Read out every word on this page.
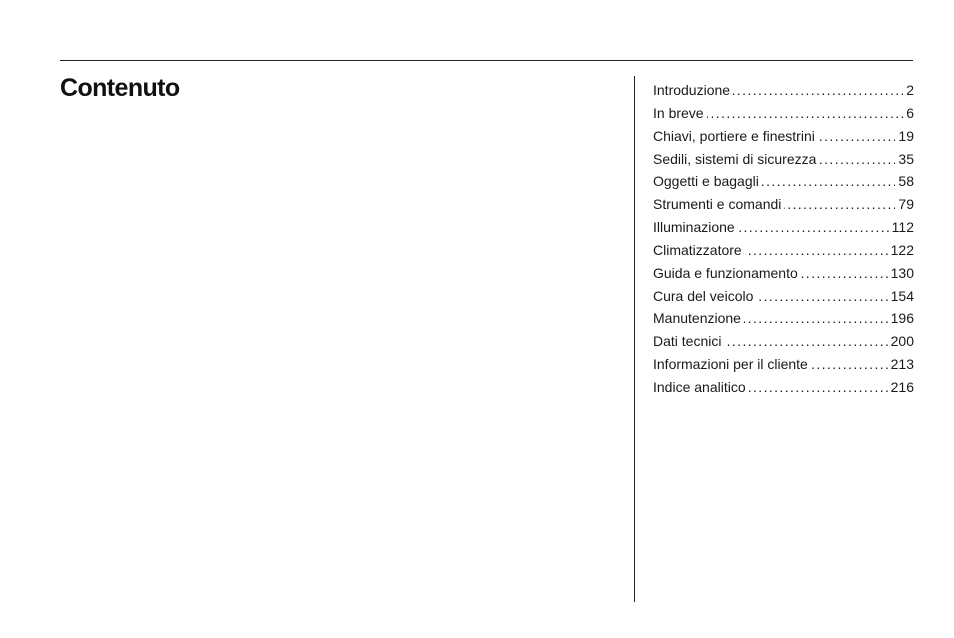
Contenuto	Introduzione . . .	2
In breve . . .	6
Chiavi, portiere e finestrini . . .	19
Sedili, sistemi di sicurezza . . .	35
Oggetti e bagagli . . .	58
Strumenti e comandi . . .	79
Illuminazione . . .	112
Climatizzatore . . .	122
Guida e funzionamento . . .	130
Cura del veicolo . . .	154
Manutenzione . . .	196
Dati tecnici . . .	200
Informazioni per il cliente . . .	213
Indice analitico . . .	216
